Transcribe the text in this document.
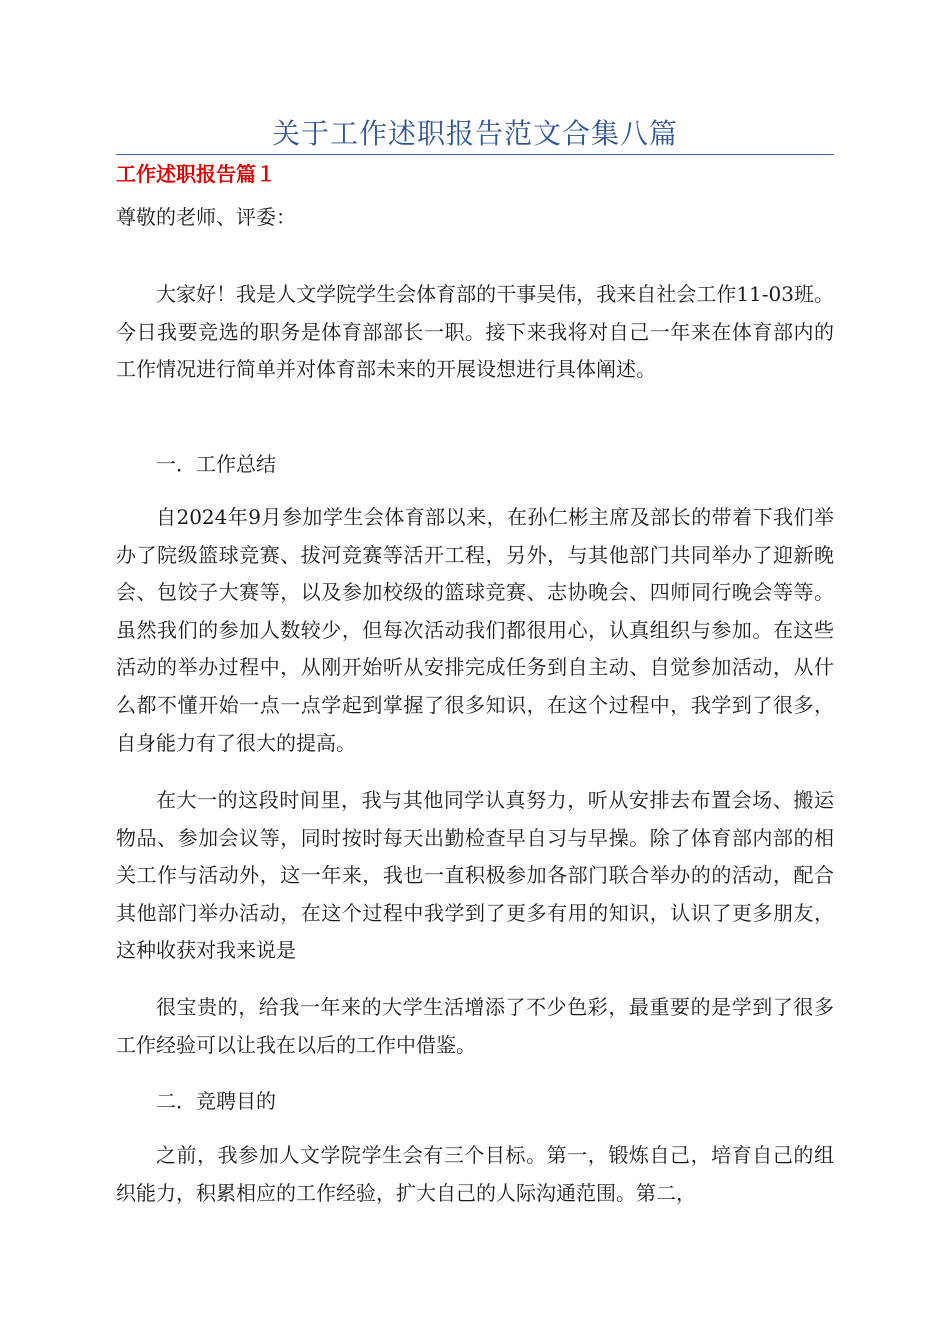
关于工作述职报告范文合集八篇
工作述职报告篇１

尊敬的老师、评委：

大家好！我是人文学院学生会体育部的干事吴伟，我来自社会工作11-03班。今日我要竞选的职务是体育部部长一职。接下来我将对自己一年来在体育部内的工作情况进行简单并对体育部未来的开展设想进行具体阐述。

一．工作总结

自2024年9月参加学生会体育部以来，在孙仁彬主席及部长的带着下我们举办了院级篮球竞赛、拔河竞赛等活开工程，另外，与其他部门共同举办了迎新晚会、包饺子大赛等，以及参加校级的篮球竞赛、志协晚会、四师同行晚会等等。虽然我们的参加人数较少，但每次活动我们都很用心，认真组织与参加。在这些活动的举办过程中，从刚开始听从安排完成任务到自主动、自觉参加活动，从什么都不懂开始一点一点学起到掌握了很多知识，在这个过程中，我学到了很多，自身能力有了很大的提高。

在大一的这段时间里，我与其他同学认真努力，听从安排去布置会场、搬运物品、参加会议等，同时按时每天出勤检查早自习与早操。除了体育部内部的相关工作与活动外，这一年来，我也一直积极参加各部门联合举办的的活动，配合其他部门举办活动，在这个过程中我学到了更多有用的知识，认识了更多朋友，这种收获对我来说是

很宝贵的，给我一年来的大学生活增添了不少色彩，最重要的是学到了很多工作经验可以让我在以后的工作中借鉴。

二．竞聘目的

之前，我参加人文学院学生会有三个目标。第一，锻炼自己，培育自己的组织能力，积累相应的工作经验，扩大自己的人际沟通范围。第二，
